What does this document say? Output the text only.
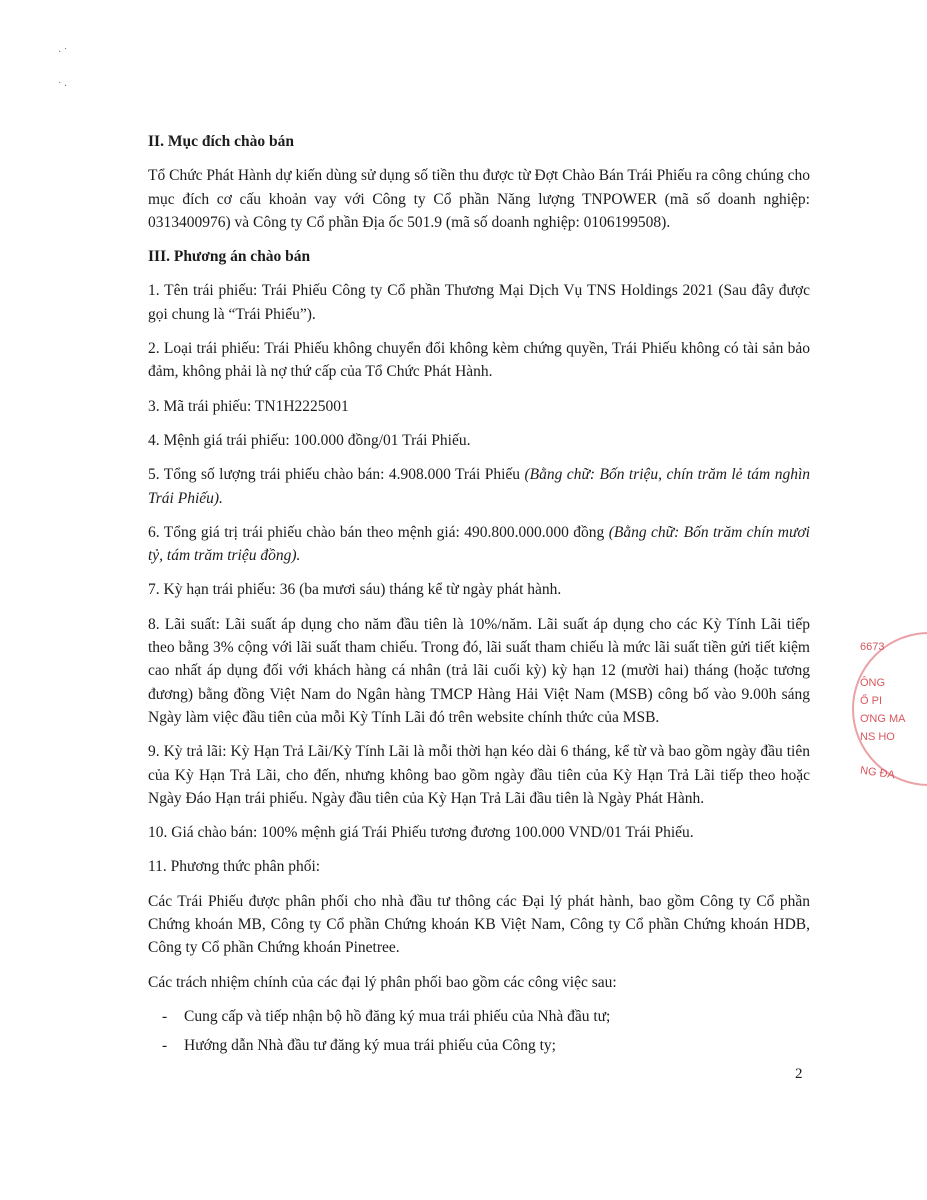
· ˙
˙ ·

II. Mục đích chào bán

Tổ Chức Phát Hành dự kiến dùng sử dụng số tiền thu được từ Đợt Chào Bán Trái Phiếu ra công chúng cho mục đích cơ cấu khoản vay với Công ty Cổ phần Năng lượng TNPOWER (mã số doanh nghiệp: 0313400976) và Công ty Cổ phần Địa ốc 501.9 (mã số doanh nghiệp: 0106199508).

III. Phương án chào bán

1. Tên trái phiếu: Trái Phiếu Công ty Cổ phần Thương Mại Dịch Vụ TNS Holdings 2021 (Sau đây được gọi chung là “Trái Phiếu”).

2. Loại trái phiếu: Trái Phiếu không chuyển đổi không kèm chứng quyền, Trái Phiếu không có tài sản bảo đảm, không phải là nợ thứ cấp của Tổ Chức Phát Hành.

3. Mã trái phiếu: TN1H2225001

4. Mệnh giá trái phiếu: 100.000 đồng/01 Trái Phiếu.

5. Tổng số lượng trái phiếu chào bán: 4.908.000 Trái Phiếu (Bằng chữ: Bốn triệu, chín trăm lẻ tám nghìn Trái Phiếu).

6. Tổng giá trị trái phiếu chào bán theo mệnh giá: 490.800.000.000 đồng (Bằng chữ: Bốn trăm chín mươi tỷ, tám trăm triệu đồng).

7. Kỳ hạn trái phiếu: 36 (ba mươi sáu) tháng kể từ ngày phát hành.

8. Lãi suất: Lãi suất áp dụng cho năm đầu tiên là 10%/năm. Lãi suất áp dụng cho các Kỳ Tính Lãi tiếp theo bằng 3% cộng với lãi suất tham chiếu. Trong đó, lãi suất tham chiếu là mức lãi suất tiền gửi tiết kiệm cao nhất áp dụng đối với khách hàng cá nhân (trả lãi cuối kỳ) kỳ hạn 12 (mười hai) tháng (hoặc tương đương) bằng đồng Việt Nam do Ngân hàng TMCP Hàng Hải Việt Nam (MSB) công bố vào 9.00h sáng Ngày làm việc đầu tiên của mỗi Kỳ Tính Lãi đó trên website chính thức của MSB.

9. Kỳ trả lãi: Kỳ Hạn Trả Lãi/Kỳ Tính Lãi là mỗi thời hạn kéo dài 6 tháng, kể từ và bao gồm ngày đầu tiên của Kỳ Hạn Trả Lãi, cho đến, nhưng không bao gồm ngày đầu tiên của Kỳ Hạn Trả Lãi tiếp theo hoặc Ngày Đáo Hạn trái phiếu. Ngày đầu tiên của Kỳ Hạn Trả Lãi đầu tiên là Ngày Phát Hành.

10. Giá chào bán: 100% mệnh giá Trái Phiếu tương đương 100.000 VND/01 Trái Phiếu.

11. Phương thức phân phối:

Các Trái Phiếu được phân phối cho nhà đầu tư thông các Đại lý phát hành, bao gồm Công ty Cổ phần Chứng khoán MB, Công ty Cổ phần Chứng khoán KB Việt Nam, Công ty Cổ phần Chứng khoán HDB, Công ty Cổ phần Chứng khoán Pinetree.

Các trách nhiệm chính của các đại lý phân phối bao gồm các công việc sau:

-	Cung cấp và tiếp nhận bộ hồ đăng ký mua trái phiếu của Nhà đầu tư;
-	Hướng dẫn Nhà đầu tư đăng ký mua trái phiếu của Công ty;
2
6673
ÔNG
Ổ PI
ƠNG MA
NS HO
NG ĐA
